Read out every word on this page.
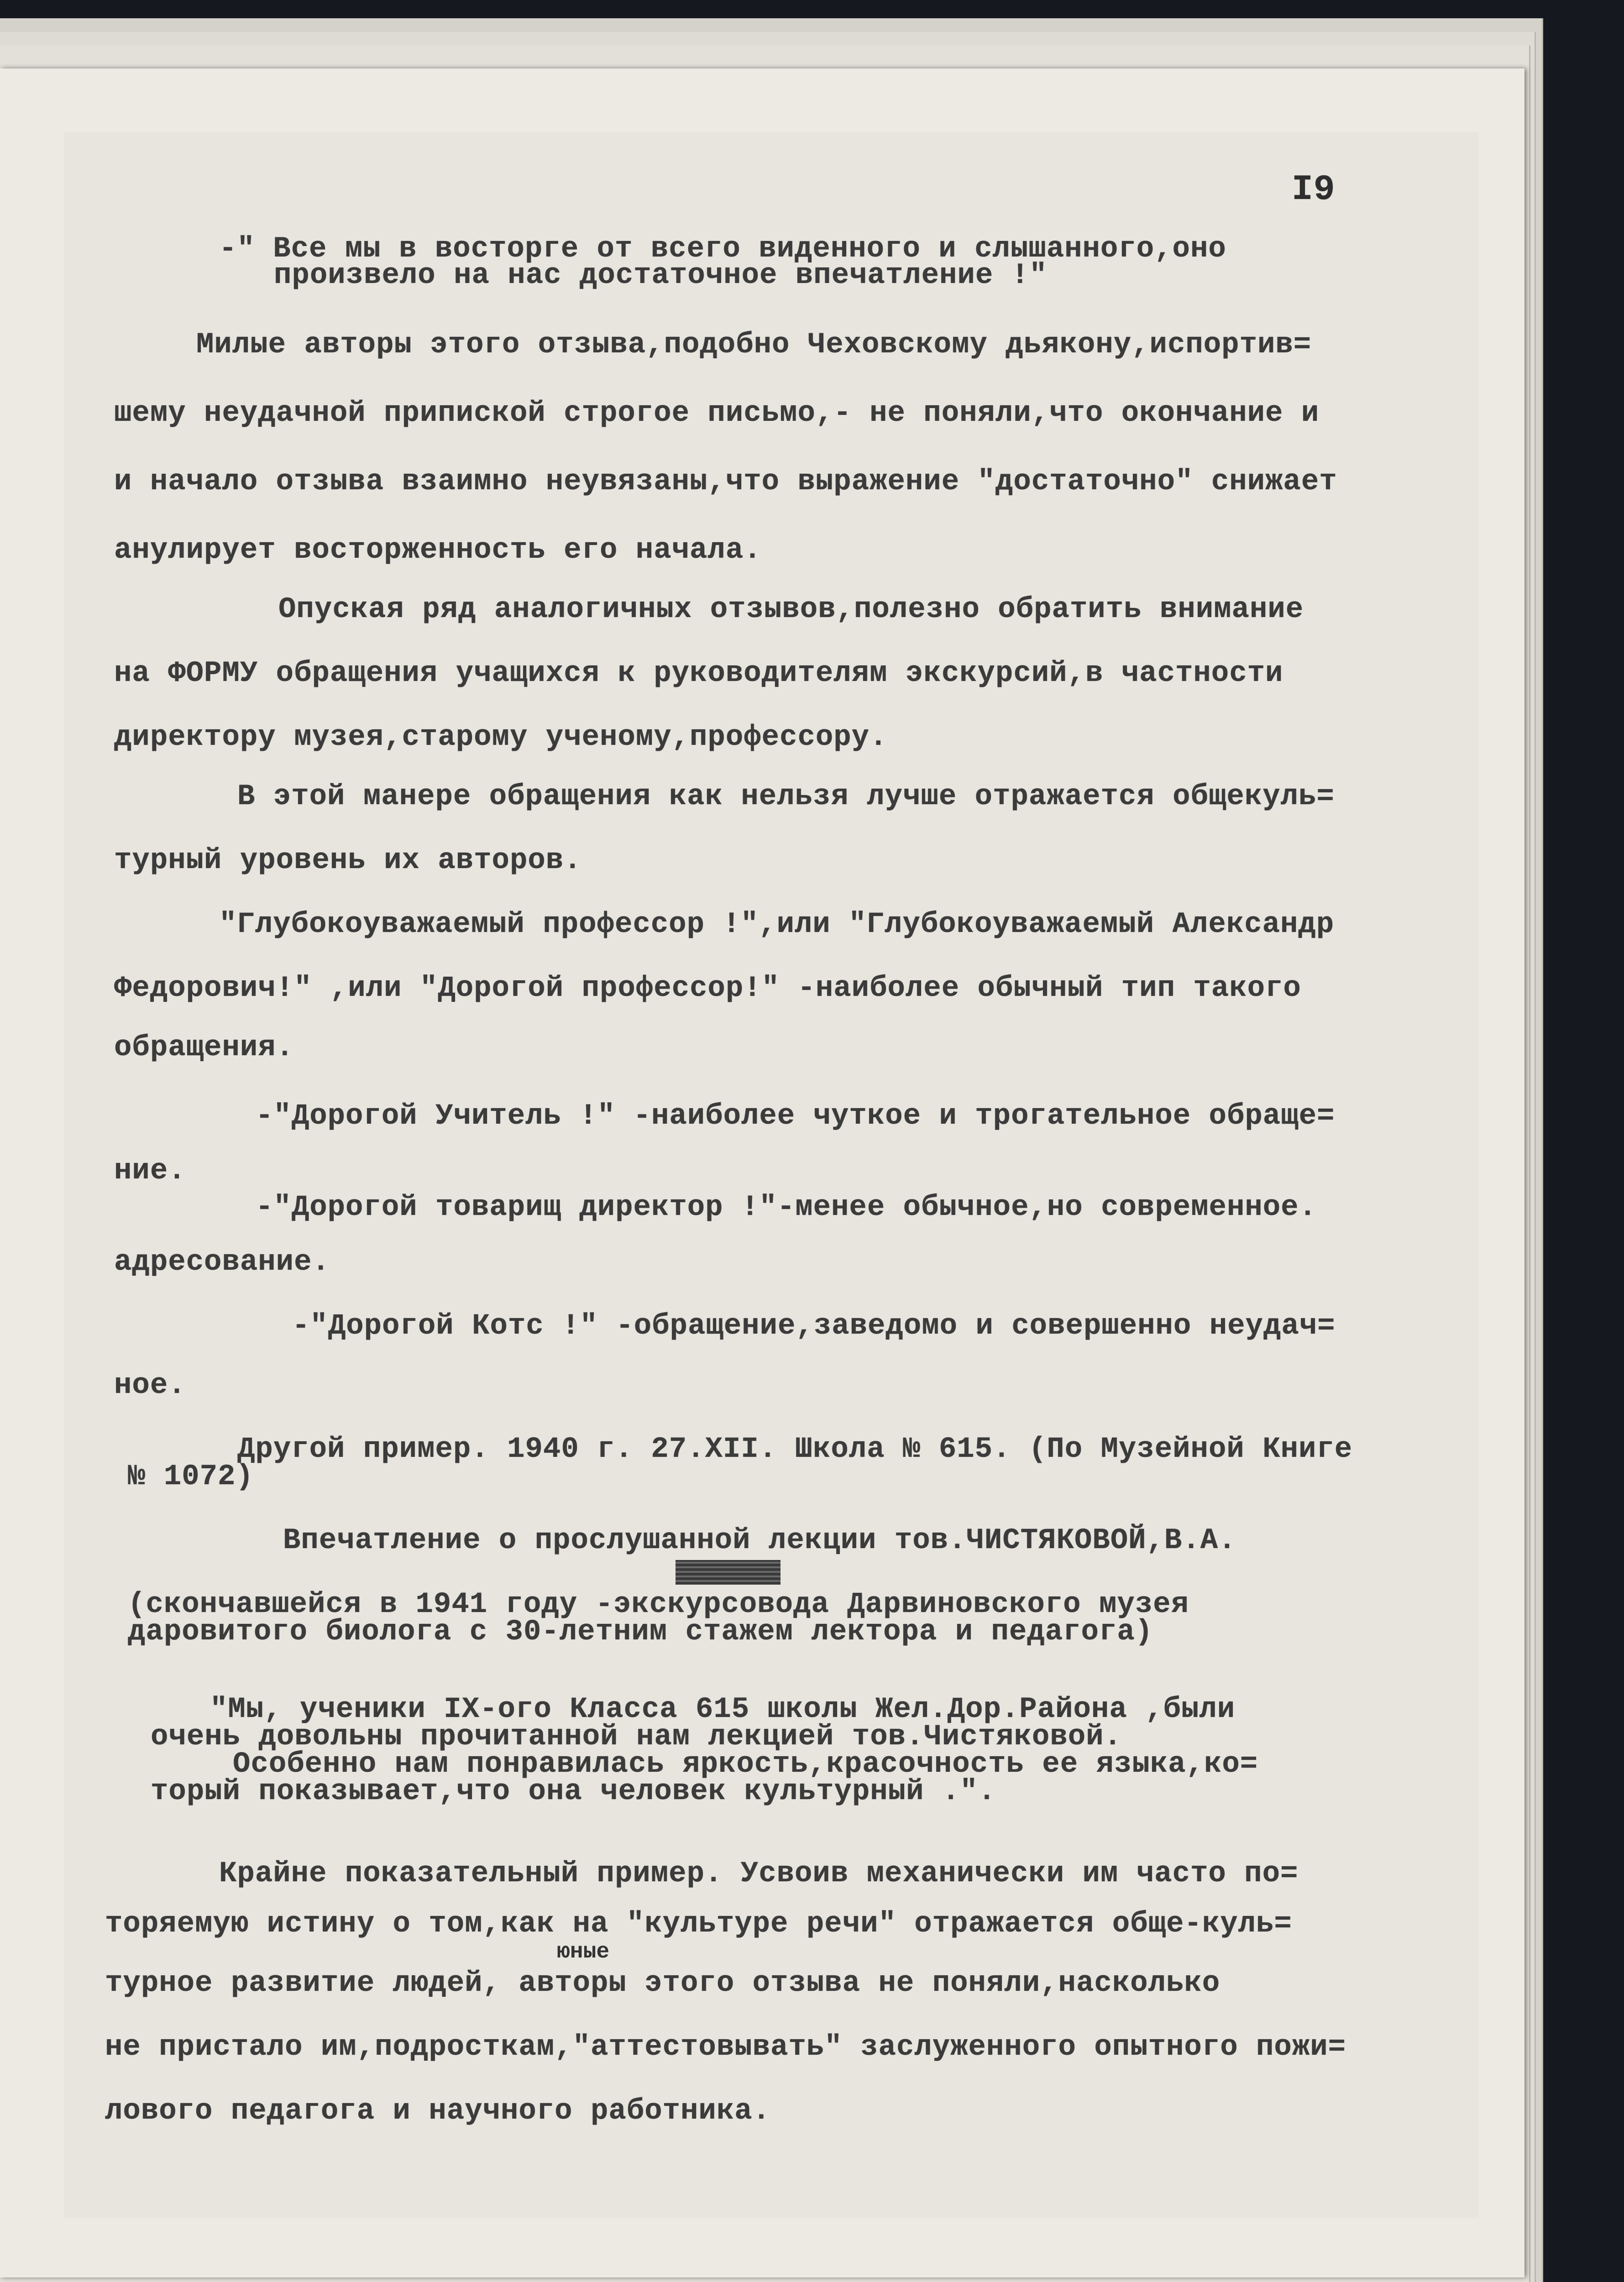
I9
-" Все мы в восторге от всего виденного и слышанного,оно
произвело на нас достаточное впечатление !"
Милые авторы этого отзыва,подобно Чеховскому дьякону,испортив=
шему неудачной припиской строгое письмо,- не поняли,что окончание и
и начало отзыва взаимно неувязаны,что выражение "достаточно" снижает
анулирует восторженность его начала.
Опуская ряд аналогичных отзывов,полезно обратить внимание
на ФОРМУ обращения учащихся к руководителям экскурсий,в частности
директору музея,старому ученому,профессору.
В этой манере обращения как нельзя лучше отражается общекуль=
турный уровень их авторов.
"Глубокоуважаемый профессор !",или "Глубокоуважаемый Александр
Федорович!" ,или "Дорогой профессор!" -наиболее обычный тип такого
обращения.
-"Дорогой Учитель !" -наиболее чуткое и трогательное обраще=
ние.
-"Дорогой товарищ директор !"-менее обычное,но современное.
адресование.
-"Дорогой Котс !" -обращение,заведомо и совершенно неудач=
ное.
Другой пример. 1940 г. 27.XII. Школа № 615. (По Музейной Книге
№ 1072)
Впечатление о прослушанной лекции тов.ЧИСТЯКОВОЙ,В.А.
(скончавшейся в 1941 году -экскурсовода Дарвиновского музея
даровитого биолога с 30-летним стажем лектора и педагога)
"Мы, ученики IX-ого Класса 615 школы Жел.Дор.Района ,были
очень довольны прочитанной нам лекцией тов.Чистяковой.
Особенно нам понравилась яркость,красочность ее языка,ко=
торый показывает,что она человек культурный .".
Крайне показательный пример. Усвоив механически им часто по=
торяемую истину о том,как на "культуре речи" отражается обще-куль=
юные
турное развитие людей, авторы этого отзыва не поняли,насколько
не пристало им,подросткам,"аттестовывать" заслуженного опытного пожи=
лового педагога и научного работника.
